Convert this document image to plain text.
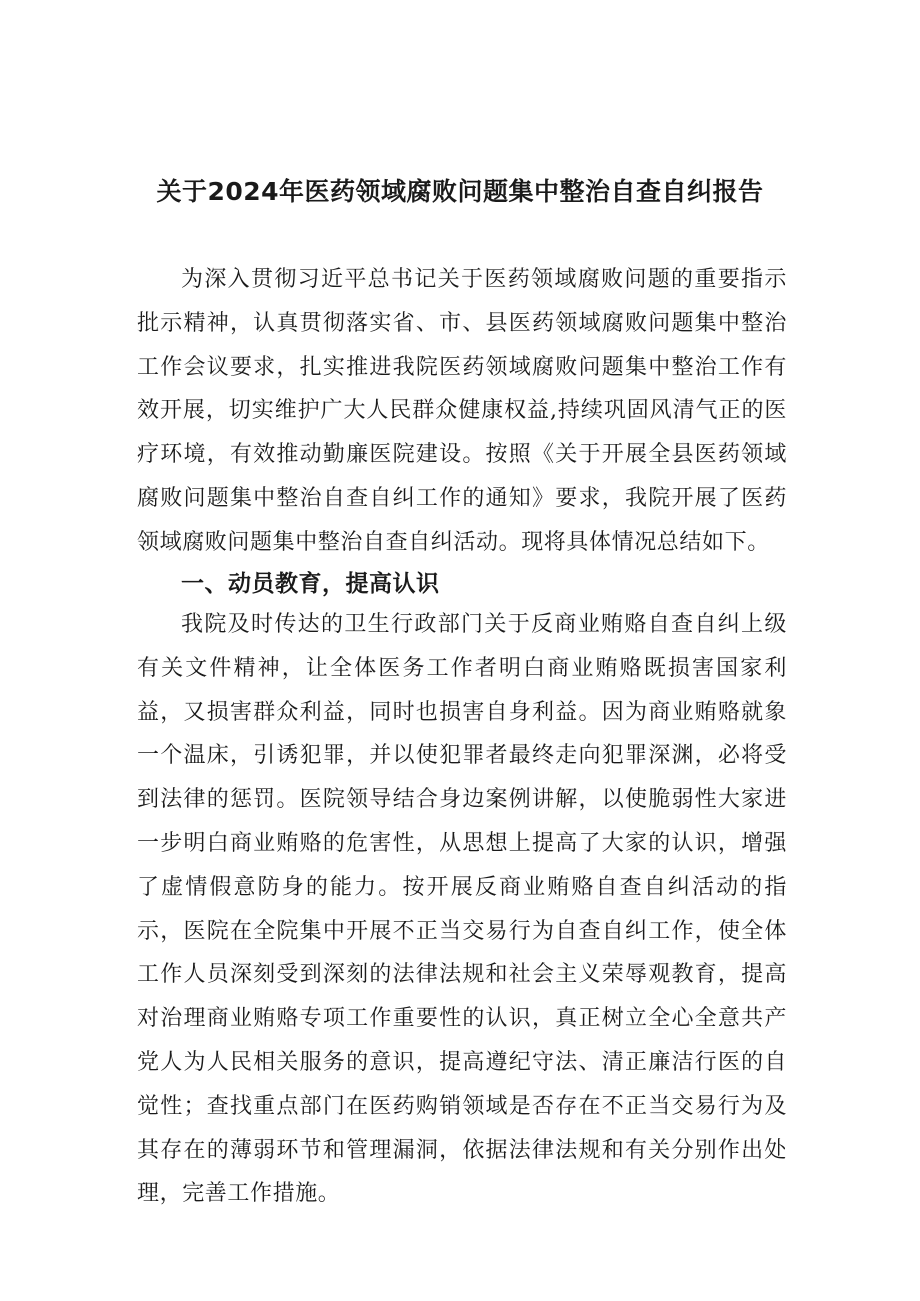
关于2024年医药领域腐败问题集中整治自查自纠报告

为深入贯彻习近平总书记关于医药领域腐败问题的重要指示批示精神，认真贯彻落实省、市、县医药领域腐败问题集中整治工作会议要求，扎实推进我院医药领域腐败问题集中整治工作有效开展，切实维护广大人民群众健康权益,持续巩固风清气正的医疗环境，有效推动勤廉医院建设。按照《关于开展全县医药领域腐败问题集中整治自查自纠工作的通知》要求，我院开展了医药领域腐败问题集中整治自查自纠活动。现将具体情况总结如下。

一、动员教育，提高认识

我院及时传达的卫生行政部门关于反商业贿赂自查自纠上级有关文件精神，让全体医务工作者明白商业贿赂既损害国家利益，又损害群众利益，同时也损害自身利益。因为商业贿赂就象一个温床，引诱犯罪，并以使犯罪者最终走向犯罪深渊，必将受到法律的惩罚。医院领导结合身边案例讲解，以使脆弱性大家进一步明白商业贿赂的危害性，从思想上提高了大家的认识，增强了虚情假意防身的能力。按开展反商业贿赂自查自纠活动的指示，医院在全院集中开展不正当交易行为自查自纠工作，使全体工作人员深刻受到深刻的法律法规和社会主义荣辱观教育，提高对治理商业贿赂专项工作重要性的认识，真正树立全心全意共产党人为人民相关服务的意识，提高遵纪守法、清正廉洁行医的自觉性；查找重点部门在医药购销领域是否存在不正当交易行为及其存在的薄弱环节和管理漏洞，依据法律法规和有关分别作出处理，完善工作措施。
